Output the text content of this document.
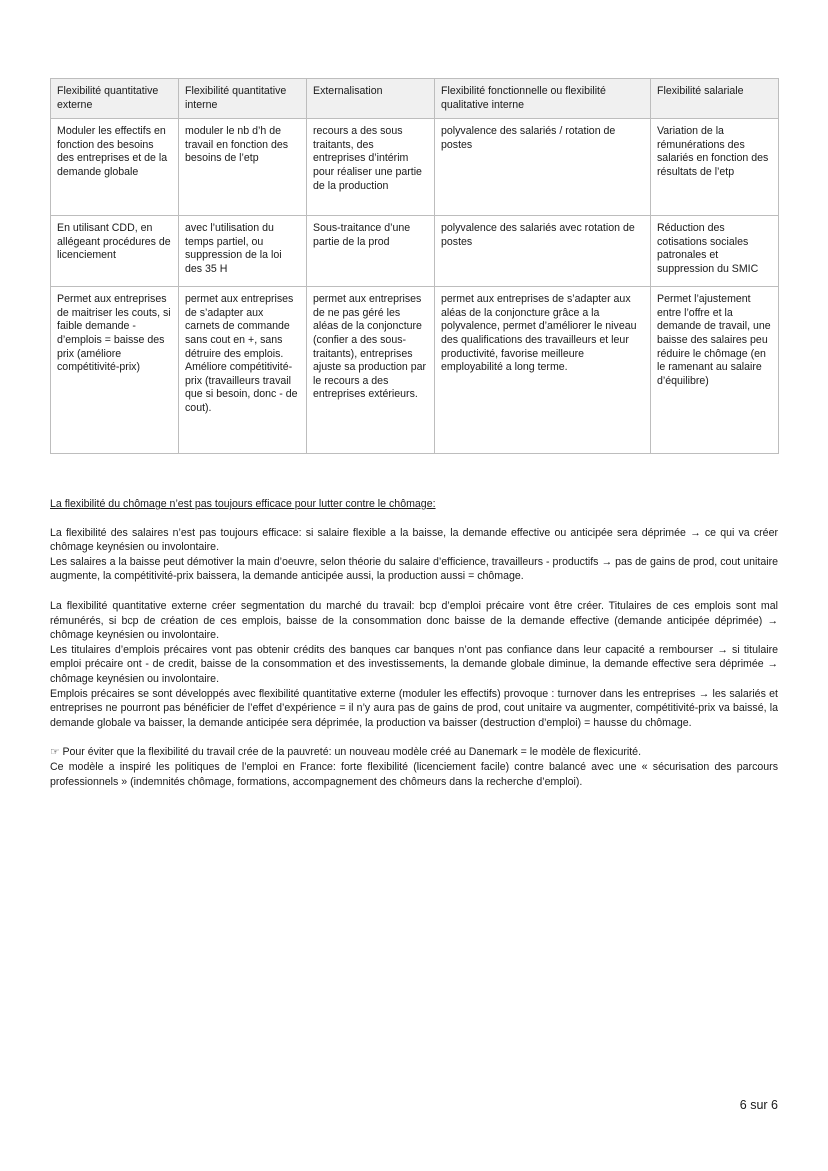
Flexibilité quantitative externe	Flexibilité quantitative interne	Externalisation	Flexibilité fonctionnelle ou flexibilité qualitative interne	Flexibilité salariale
Moduler les effectifs en fonction des besoins des entreprises et de la demande globale	moduler le nb d’h de travail en fonction des besoins de l’etp	recours a des sous traitants, des entreprises d’intérim pour réaliser une partie de la production	polyvalence des salariés / rotation de postes	Variation de la rémunérations des salariés en fonction des résultats de l’etp
En utilisant CDD, en allégeant procédures de licenciement	avec l’utilisation du temps partiel, ou suppression de la loi des 35 H	Sous-traitance d’une partie de la prod	polyvalence des salariés avec rotation de postes	Réduction des cotisations sociales patronales et suppression du SMIC
Permet aux entreprises de maitriser les couts, si faible demande - d’emplois = baisse des prix (améliore compétitivité-prix)	permet aux entreprises de s’adapter aux carnets de commande sans cout en +, sans détruire des emplois. Améliore compétitivité-prix (travailleurs travail que si besoin, donc - de cout).	permet aux entreprises de ne pas géré les aléas de la conjoncture (confier a des sous-traitants), entreprises ajuste sa production par le recours a des entreprises extérieurs.	permet aux entreprises de s’adapter aux aléas de la conjoncture grâce a la polyvalence, permet d’améliorer le niveau des qualifications des travailleurs et leur productivité, favorise meilleure employabilité a long terme.	Permet l’ajustement entre l’offre et la demande de travail, une baisse des salaires peu réduire le chômage (en le ramenant au salaire d’équilibre)

La flexibilité du chômage n’est pas toujours efficace pour lutter contre le chômage:

La flexibilité des salaires n’est pas toujours efficace: si salaire flexible a la baisse, la demande effective ou anticipée sera déprimée → ce qui va créer chômage keynésien ou involontaire.

Les salaires a la baisse peut démotiver la main d’oeuvre, selon théorie du salaire d’efficience, travailleurs - productifs → pas de gains de prod, cout unitaire augmente, la compétitivité-prix baissera, la demande anticipée aussi, la production aussi = chômage.

La flexibilité quantitative externe créer segmentation du marché du travail: bcp d’emploi précaire vont être créer. Titulaires de ces emplois sont mal rémunérés, si bcp de création de ces emplois, baisse de la consommation donc baisse de la demande effective (demande anticipée déprimée) → chômage keynésien ou involontaire.

Les titulaires d’emplois précaires vont pas obtenir crédits des banques car banques n’ont pas confiance dans leur capacité a rembourser → si titulaire emploi précaire ont - de credit, baisse de la consommation et des investissements, la demande globale diminue, la demande effective sera déprimée → chômage keynésien ou involontaire.

Emplois précaires se sont développés avec flexibilité quantitative externe (moduler les effectifs) provoque : turnover dans les entreprises → les salariés et entreprises ne pourront pas bénéficier de l’effet d’expérience = il n’y aura pas de gains de prod, cout unitaire va augmenter, compétitivité-prix va baissé, la demande globale va baisser, la demande anticipée sera déprimée, la production va baisser (destruction d’emploi) = hausse du chômage.

☞ Pour éviter que la flexibilité du travail crée de la pauvreté: un nouveau modèle créé au Danemark = le modèle de flexicurité.

Ce modèle a inspiré les politiques de l’emploi en France: forte flexibilité (licenciement facile) contre balancé avec une « sécurisation des parcours professionnels » (indemnités chômage, formations, accompagnement des chômeurs dans la recherche d’emploi).

6 sur 6
